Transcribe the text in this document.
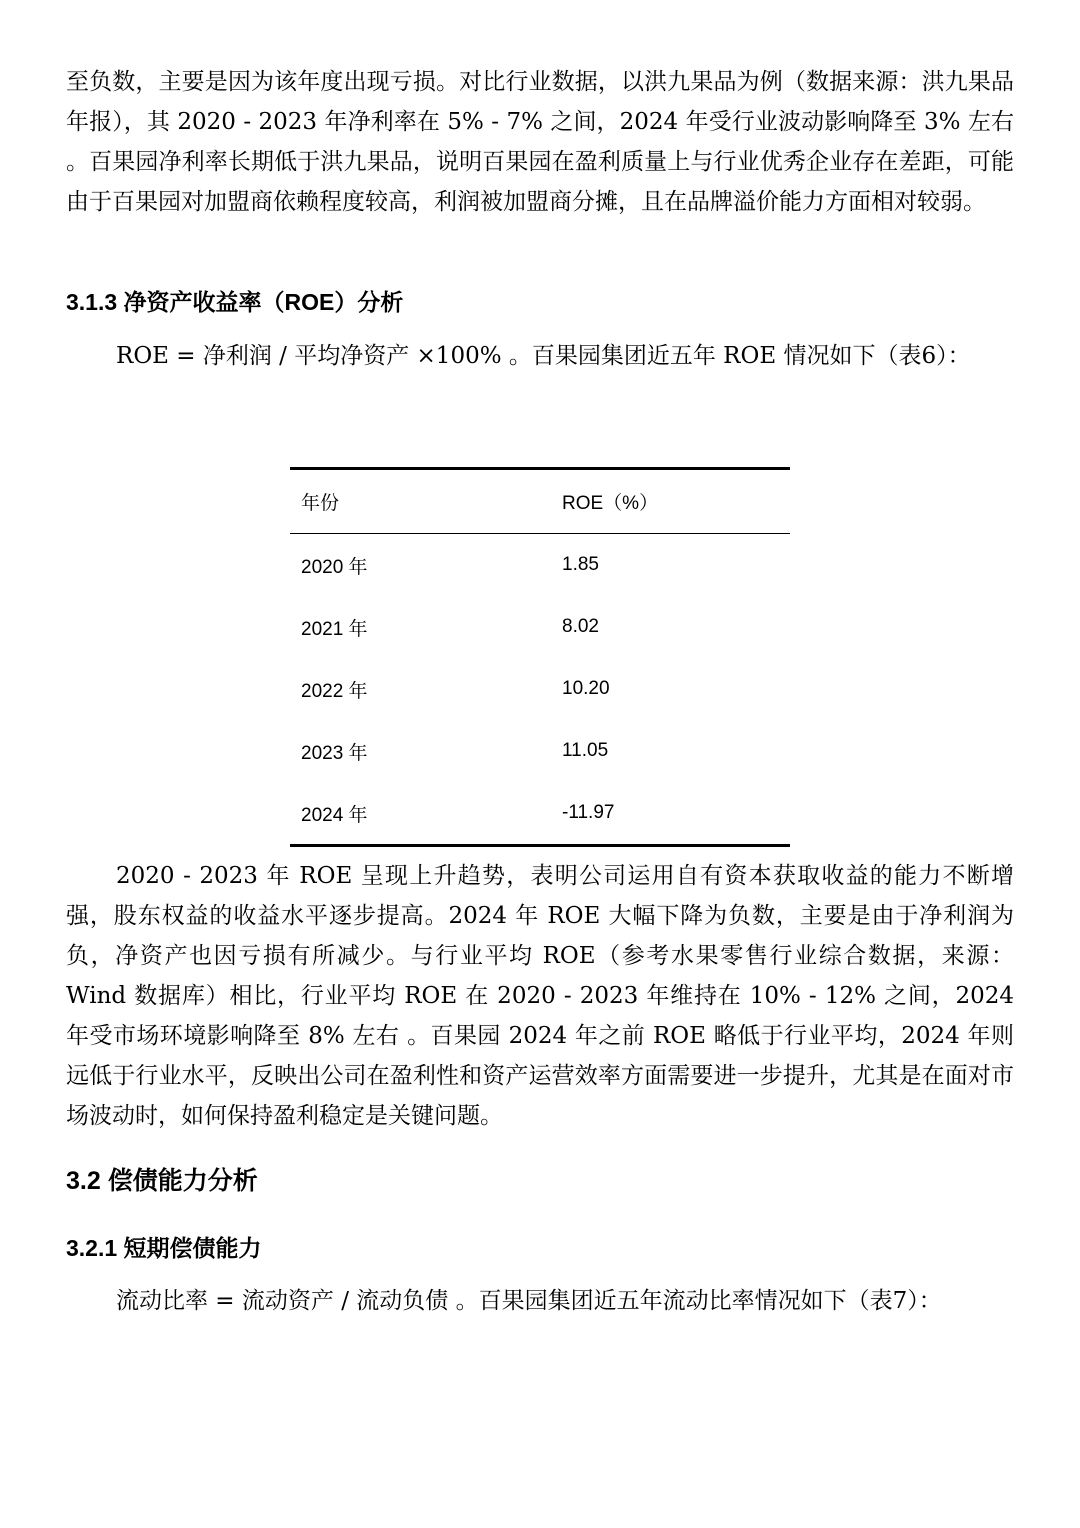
至负数，主要是因为该年度出现亏损。对比行业数据，以洪九果品为例（数据来源：洪九果品年报），其 2020 - 2023 年净利率在 5% - 7% 之间，2024 年受行业波动影响降至 3% 左右 。百果园净利率长期低于洪九果品，说明百果园在盈利质量上与行业优秀企业存在差距，可能由于百果园对加盟商依赖程度较高，利润被加盟商分摊，且在品牌溢价能力方面相对较弱。

3.1.3 净资产收益率（ROE）分析

ROE = 净利润 / 平均净资产 ×100% 。百果园集团近五年 ROE 情况如下（表6）：

年份	ROE（%）
2020 年	1.85
2021 年	8.02
2022 年	10.20
2023 年	11.05
2024 年	-11.97

2020 - 2023 年 ROE 呈现上升趋势，表明公司运用自有资本获取收益的能力不断增强，股东权益的收益水平逐步提高。2024 年 ROE 大幅下降为负数，主要是由于净利润为负，净资产也因亏损有所减少。与行业平均 ROE（参考水果零售行业综合数据，来源：Wind 数据库）相比，行业平均 ROE 在 2020 - 2023 年维持在 10% - 12% 之间，2024 年受市场环境影响降至 8% 左右 。百果园 2024 年之前 ROE 略低于行业平均，2024 年则远低于行业水平，反映出公司在盈利性和资产运营效率方面需要进一步提升，尤其是在面对市场波动时，如何保持盈利稳定是关键问题。

3.2 偿债能力分析
3.2.1 短期偿债能力

流动比率 = 流动资产 / 流动负债 。百果园集团近五年流动比率情况如下（表7）：
